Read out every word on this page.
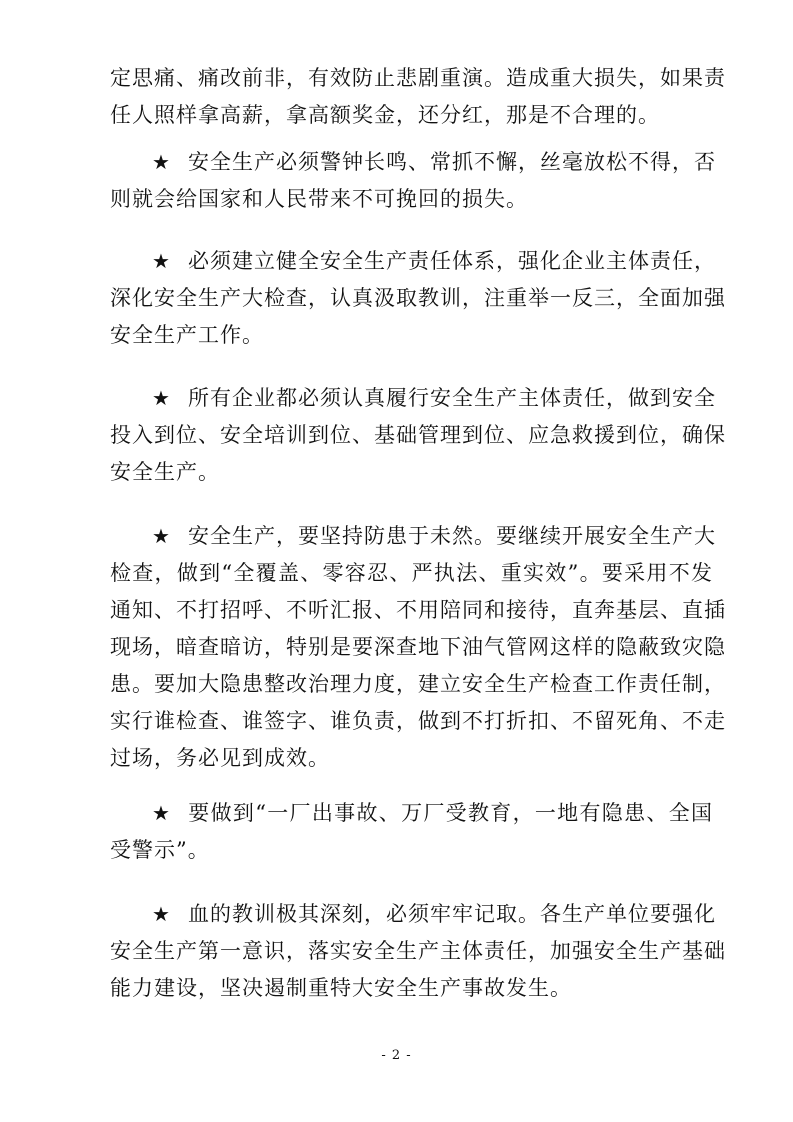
定思痛、痛改前非，有效防止悲剧重演。造成重大损失，如果责
任人照样拿高薪，拿高额奖金，还分红，那是不合理的。
★ 安全生产必须警钟长鸣、常抓不懈，丝毫放松不得，否
则就会给国家和人民带来不可挽回的损失。
★ 必须建立健全安全生产责任体系，强化企业主体责任，
深化安全生产大检查，认真汲取教训，注重举一反三，全面加强
安全生产工作。
★ 所有企业都必须认真履行安全生产主体责任，做到安全
投入到位、安全培训到位、基础管理到位、应急救援到位，确保
安全生产。
★ 安全生产，要坚持防患于未然。要继续开展安全生产大
检查，做到“全覆盖、零容忍、严执法、重实效”。要采用不发
通知、不打招呼、不听汇报、不用陪同和接待，直奔基层、直插
现场，暗查暗访，特别是要深查地下油气管网这样的隐蔽致灾隐
患。要加大隐患整改治理力度，建立安全生产检查工作责任制，
实行谁检查、谁签字、谁负责，做到不打折扣、不留死角、不走
过场，务必见到成效。
★ 要做到“一厂出事故、万厂受教育，一地有隐患、全国
受警示”。
★ 血的教训极其深刻，必须牢牢记取。各生产单位要强化
安全生产第一意识，落实安全生产主体责任，加强安全生产基础
能力建设，坚决遏制重特大安全生产事故发生。
- 2 -
